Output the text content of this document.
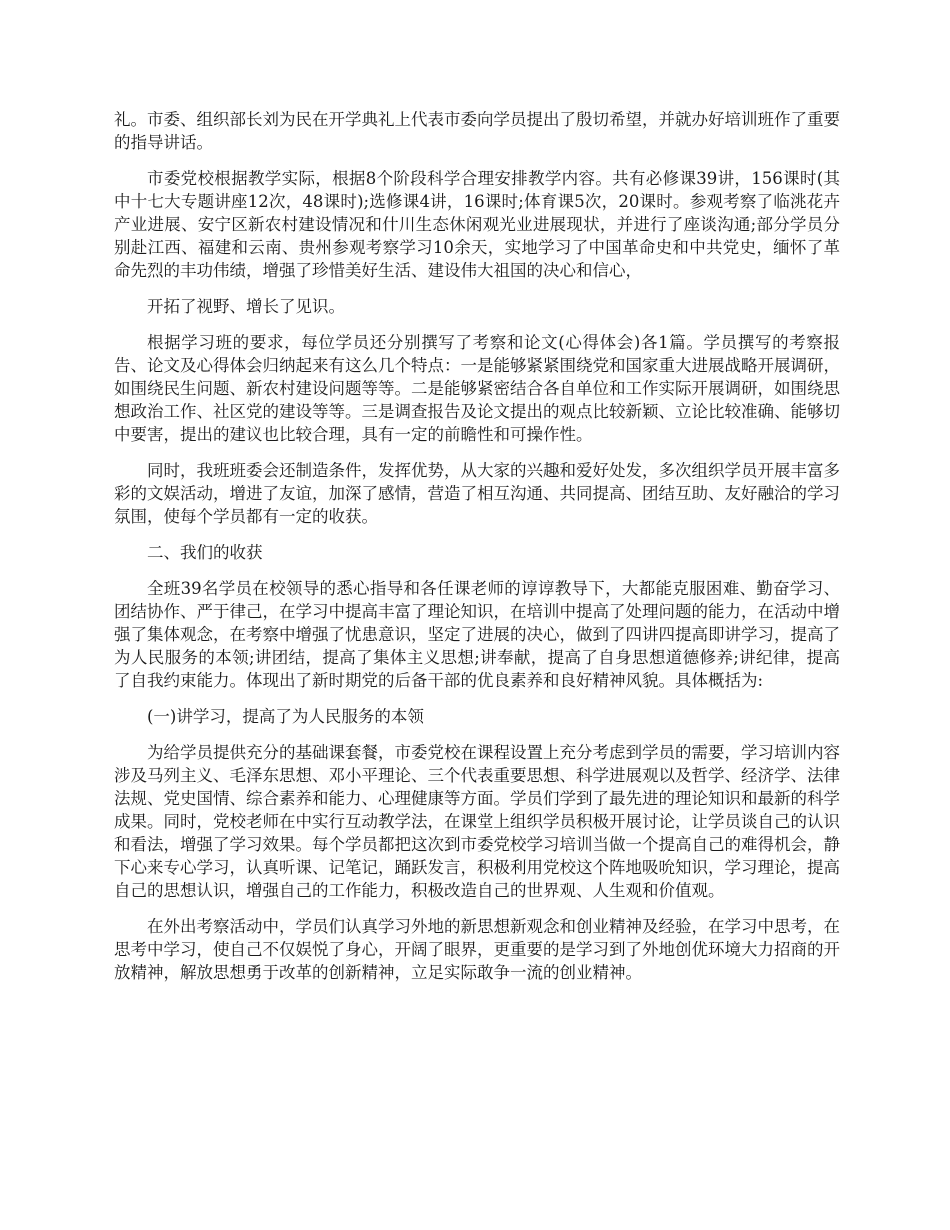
礼。市委、组织部长刘为民在开学典礼上代表市委向学员提出了殷切希望，并就办好培训班作了重要的指导讲话。

市委党校根据教学实际，根据8个阶段科学合理安排教学内容。共有必修课39讲，156课时(其中十七大专题讲座12次，48课时);选修课4讲，16课时;体育课5次，20课时。参观考察了临洮花卉产业进展、安宁区新农村建设情况和什川生态休闲观光业进展现状，并进行了座谈沟通;部分学员分别赴江西、福建和云南、贵州参观考察学习10余天，实地学习了中国革命史和中共党史，缅怀了革命先烈的丰功伟绩，增强了珍惜美好生活、建设伟大祖国的决心和信心，

开拓了视野、增长了见识。

根据学习班的要求，每位学员还分别撰写了考察和论文(心得体会)各1篇。学员撰写的考察报告、论文及心得体会归纳起来有这么几个特点：一是能够紧紧围绕党和国家重大进展战略开展调研，如围绕民生问题、新农村建设问题等等。二是能够紧密结合各自单位和工作实际开展调研，如围绕思想政治工作、社区党的建设等等。三是调查报告及论文提出的观点比较新颖、立论比较准确、能够切中要害，提出的建议也比较合理，具有一定的前瞻性和可操作性。

同时，我班班委会还制造条件，发挥优势，从大家的兴趣和爱好处发，多次组织学员开展丰富多彩的文娱活动，增进了友谊，加深了感情，营造了相互沟通、共同提高、团结互助、友好融洽的学习氛围，使每个学员都有一定的收获。

二、我们的收获

全班39名学员在校领导的悉心指导和各任课老师的谆谆教导下，大都能克服困难、勤奋学习、团结协作、严于律己，在学习中提高丰富了理论知识，在培训中提高了处理问题的能力，在活动中增强了集体观念，在考察中增强了忧患意识，坚定了进展的决心，做到了四讲四提高即讲学习，提高了为人民服务的本领;讲团结，提高了集体主义思想;讲奉献，提高了自身思想道德修养;讲纪律，提高了自我约束能力。体现出了新时期党的后备干部的优良素养和良好精神风貌。具体概括为:

(一)讲学习，提高了为人民服务的本领

为给学员提供充分的基础课套餐，市委党校在课程设置上充分考虑到学员的需要，学习培训内容涉及马列主义、毛泽东思想、邓小平理论、三个代表重要思想、科学进展观以及哲学、经济学、法律法规、党史国情、综合素养和能力、心理健康等方面。学员们学到了最先进的理论知识和最新的科学成果。同时，党校老师在中实行互动教学法，在课堂上组织学员积极开展讨论，让学员谈自己的认识和看法，增强了学习效果。每个学员都把这次到市委党校学习培训当做一个提高自己的难得机会，静下心来专心学习，认真听课、记笔记，踊跃发言，积极利用党校这个阵地吸吮知识，学习理论，提高自己的思想认识，增强自己的工作能力，积极改造自己的世界观、人生观和价值观。

在外出考察活动中，学员们认真学习外地的新思想新观念和创业精神及经验，在学习中思考，在思考中学习，使自己不仅娱悦了身心，开阔了眼界，更重要的是学习到了外地创优环境大力招商的开放精神，解放思想勇于改革的创新精神，立足实际敢争一流的创业精神。
